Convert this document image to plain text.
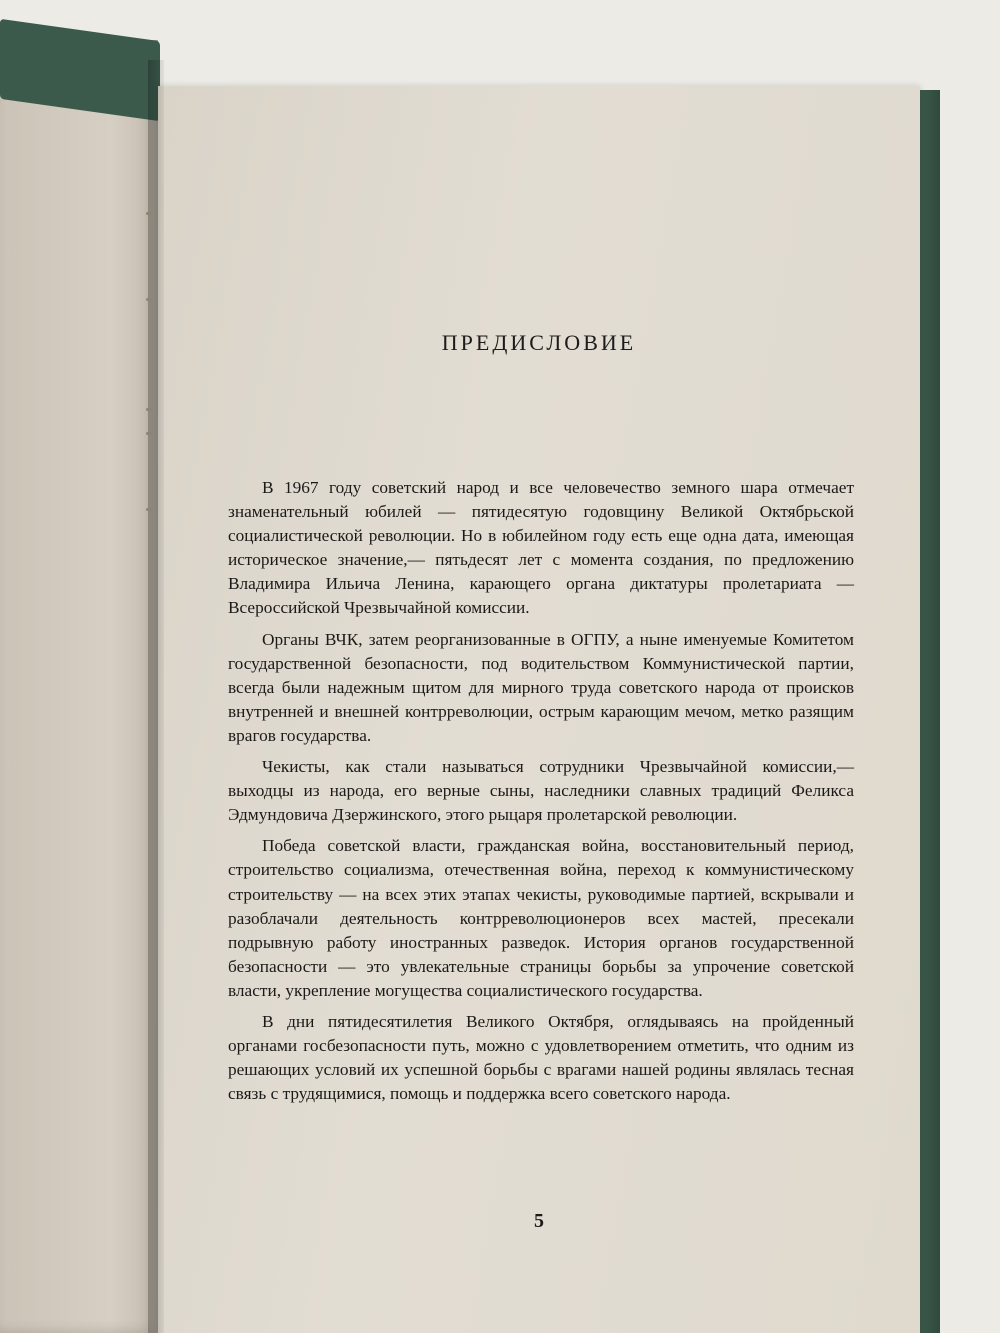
ПРЕДИСЛОВИЕ

В 1967 году советский народ и все человечество земного шара отмечает знаменательный юбилей — пятидесятую годовщину Великой Октябрьской социалистической революции. Но в юбилейном году есть еще одна дата, имеющая историческое значение,— пятьдесят лет с момента создания, по предложению Владимира Ильича Ленина, карающего органа диктатуры пролетариата — Всероссийской Чрезвычайной комиссии.

Органы ВЧК, затем реорганизованные в ОГПУ, а ныне именуемые Комитетом государственной безопасности, под водительством Коммунистической партии, всегда были надежным щитом для мирного труда советского народа от происков внутренней и внешней контрреволюции, острым карающим мечом, метко разящим врагов государства.

Чекисты, как стали называться сотрудники Чрезвычайной комиссии,— выходцы из народа, его верные сыны, наследники славных традиций Феликса Эдмундовича Дзержинского, этого рыцаря пролетарской революции.

Победа советской власти, гражданская война, восстановительный период, строительство социализма, отечественная война, переход к коммунистическому строительству — на всех этих этапах чекисты, руководимые партией, вскрывали и разоблачали деятельность контрреволюционеров всех мастей, пресекали подрывную работу иностранных разведок. История органов государственной безопасности — это увлекательные страницы борьбы за упрочение советской власти, укрепление могущества социалистического государства.

В дни пятидесятилетия Великого Октября, оглядываясь на пройденный органами госбезопасности путь, можно с удовлетворением отметить, что одним из решающих условий их успешной борьбы с врагами нашей родины являлась тесная связь с трудящимися, помощь и поддержка всего советского народа.

5
